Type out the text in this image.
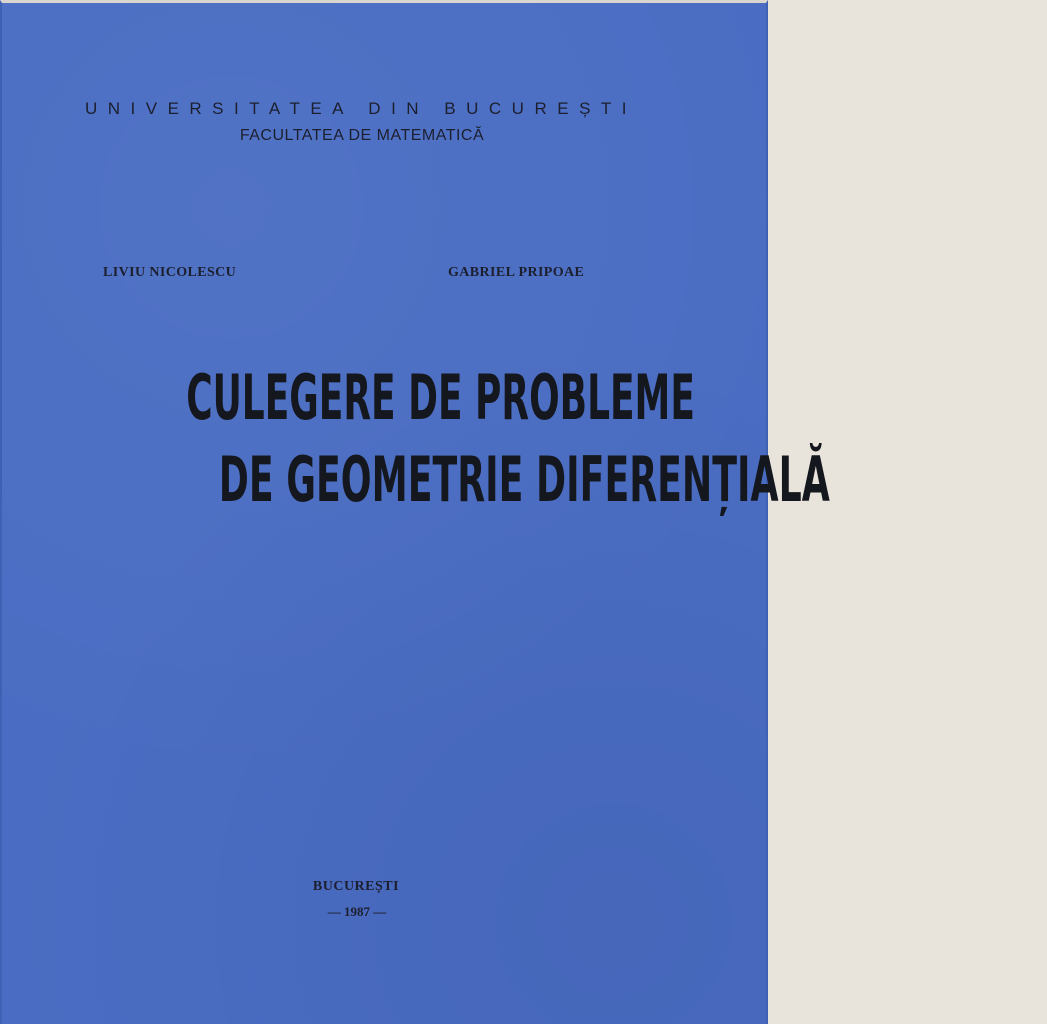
UNIVERSITATEA DIN BUCUREȘTI
FACULTATEA DE MATEMATICĂ
LIVIU NICOLESCU	GABRIEL PRIPOAE
CULEGERE DE PROBLEME
DE GEOMETRIE DIFERENȚIALĂ
BUCUREȘTI
— 1987 —
